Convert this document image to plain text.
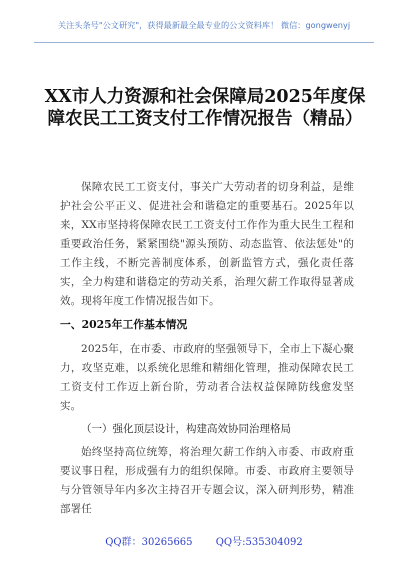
关注头条号"公文研究"，获得最新最全最专业的公文资料库！ 微信：gongwenyj
XX市人力资源和社会保障局2025年度保障农民工工资支付工作情况报告（精品）

保障农民工工资支付，事关广大劳动者的切身利益，是维护社会公平正义、促进社会和谐稳定的重要基石。2025年以来，XX市坚持将保障农民工工资支付工作作为重大民生工程和重要政治任务，紧紧围绕"源头预防、动态监管、依法惩处"的工作主线，不断完善制度体系，创新监管方式，强化责任落实，全力构建和谐稳定的劳动关系，治理欠薪工作取得显著成效。现将年度工作情况报告如下。

一、2025年工作基本情况

2025年，在市委、市政府的坚强领导下，全市上下凝心聚力，攻坚克难，以系统化思维和精细化管理，推动保障农民工工资支付工作迈上新台阶，劳动者合法权益保障防线愈发坚实。

（一）强化顶层设计，构建高效协同治理格局

始终坚持高位统筹，将治理欠薪工作纳入市委、市政府重要议事日程，形成强有力的组织保障。市委、市政府主要领导与分管领导年内多次主持召开专题会议，深入研判形势，精准部署任

QQ群：30265665 QQ号:535304092
